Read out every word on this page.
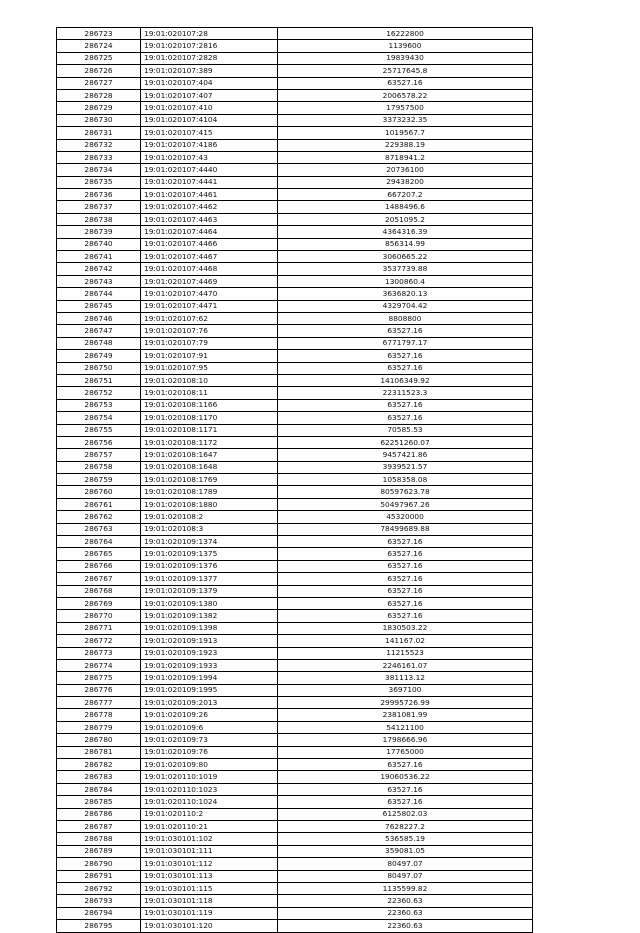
286723	19:01:020107:28	16222800
286724	19:01:020107:2816	1139600
286725	19:01:020107:2828	19839430
286726	19:01:020107:389	25717645.8
286727	19:01:020107:404	63527.16
286728	19:01:020107:407	2006578.22
286729	19:01:020107:410	17957500
286730	19:01:020107:4104	3373232.35
286731	19:01:020107:415	1019567.7
286732	19:01:020107:4186	229388.19
286733	19:01:020107:43	8718941.2
286734	19:01:020107:4440	20736100
286735	19:01:020107:4441	29438200
286736	19:01:020107:4461	667207.2
286737	19:01:020107:4462	1488496.6
286738	19:01:020107:4463	2051095.2
286739	19:01:020107:4464	4364316.39
286740	19:01:020107:4466	856314.99
286741	19:01:020107:4467	3060665.22
286742	19:01:020107:4468	3537739.88
286743	19:01:020107:4469	1300860.4
286744	19:01:020107:4470	3636820.13
286745	19:01:020107:4471	4329704.42
286746	19:01:020107:62	8808800
286747	19:01:020107:76	63527.16
286748	19:01:020107:79	6771797.17
286749	19:01:020107:91	63527.16
286750	19:01:020107:95	63527.16
286751	19:01:020108:10	14106349.92
286752	19:01:020108:11	22311523.3
286753	19:01:020108:1166	63527.16
286754	19:01:020108:1170	63527.16
286755	19:01:020108:1171	70585.53
286756	19:01:020108:1172	62251260.07
286757	19:01:020108:1647	9457421.86
286758	19:01:020108:1648	3939521.57
286759	19:01:020108:1769	1058358.08
286760	19:01:020108:1789	80597623.78
286761	19:01:020108:1880	50497967.26
286762	19:01:020108:2	45320000
286763	19:01:020108:3	78499689.88
286764	19:01:020109:1374	63527.16
286765	19:01:020109:1375	63527.16
286766	19:01:020109:1376	63527.16
286767	19:01:020109:1377	63527.16
286768	19:01:020109:1379	63527.16
286769	19:01:020109:1380	63527.16
286770	19:01:020109:1382	63527.16
286771	19:01:020109:1398	1830503.22
286772	19:01:020109:1913	141167.02
286773	19:01:020109:1923	11215523
286774	19:01:020109:1933	2246161.07
286775	19:01:020109:1994	381113.12
286776	19:01:020109:1995	3697100
286777	19:01:020109:2013	29995726.99
286778	19:01:020109:26	2381081.99
286779	19:01:020109:6	54121100
286780	19:01:020109:73	1798666.96
286781	19:01:020109:76	17765000
286782	19:01:020109:80	63527.16
286783	19:01:020110:1019	19060536.22
286784	19:01:020110:1023	63527.16
286785	19:01:020110:1024	63527.16
286786	19:01:020110:2	6125802.03
286787	19:01:020110:21	7628227.2
286788	19:01:030101:102	536585.19
286789	19:01:030101:111	359081.05
286790	19:01:030101:112	80497.07
286791	19:01:030101:113	80497.07
286792	19:01:030101:115	1135599.82
286793	19:01:030101:118	22360.63
286794	19:01:030101:119	22360.63
286795	19:01:030101:120	22360.63
